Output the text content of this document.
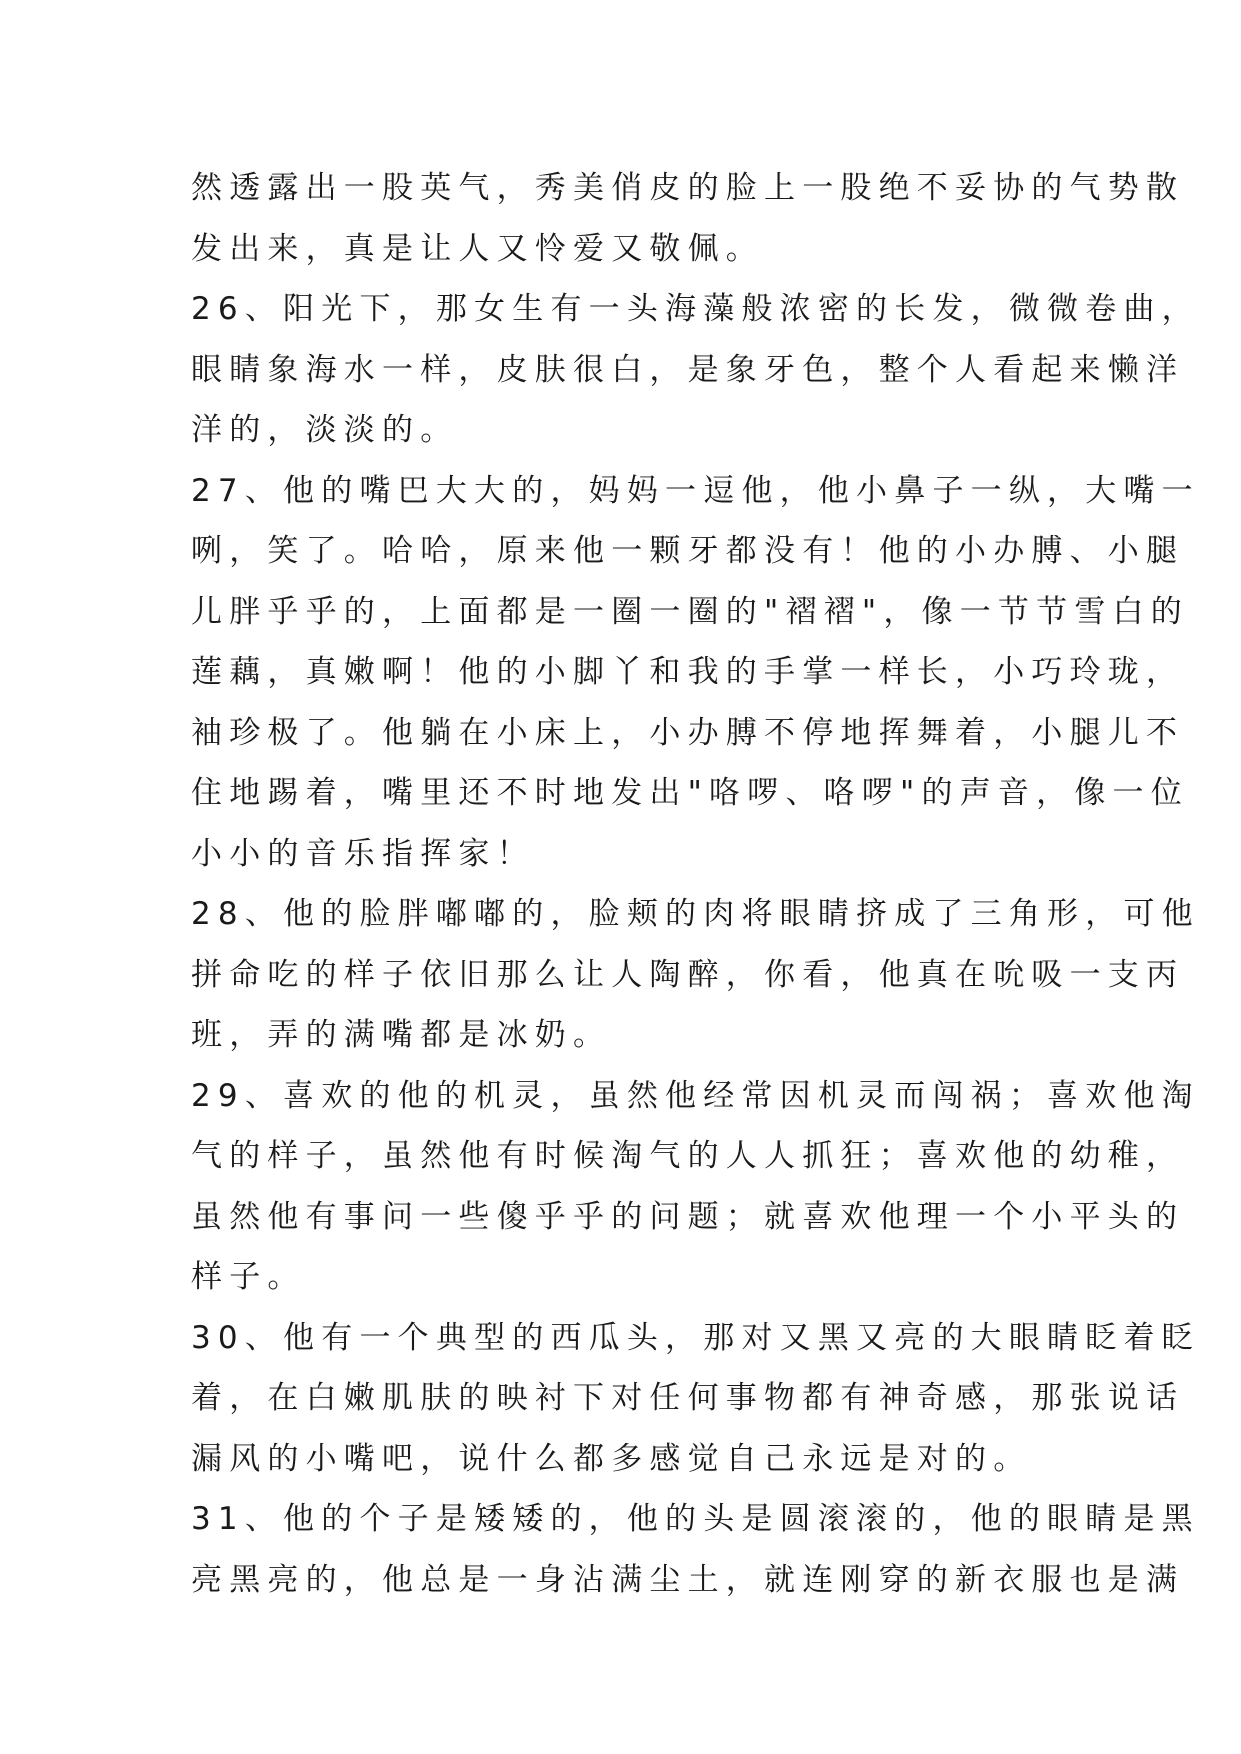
然透露出一股英气，秀美俏皮的脸上一股绝不妥协的气势散
发出来，真是让人又怜爱又敬佩。
26、阳光下，那女生有一头海藻般浓密的长发，微微卷曲，
眼睛象海水一样，皮肤很白，是象牙色，整个人看起来懒洋
洋的，淡淡的。
27、他的嘴巴大大的，妈妈一逗他，他小鼻子一纵，大嘴一
咧，笑了。哈哈，原来他一颗牙都没有！他的小办膊、小腿
儿胖乎乎的，上面都是一圈一圈的"褶褶"，像一节节雪白的
莲藕，真嫩啊！他的小脚丫和我的手掌一样长，小巧玲珑，
袖珍极了。他躺在小床上，小办膊不停地挥舞着，小腿儿不
住地踢着，嘴里还不时地发出"咯啰、咯啰"的声音，像一位
小小的音乐指挥家！
28、他的脸胖嘟嘟的，脸颊的肉将眼睛挤成了三角形，可他
拼命吃的样子依旧那么让人陶醉，你看，他真在吮吸一支丙
班，弄的满嘴都是冰奶。
29、喜欢的他的机灵，虽然他经常因机灵而闯祸；喜欢他淘
气的样子，虽然他有时候淘气的人人抓狂；喜欢他的幼稚，
虽然他有事问一些傻乎乎的问题；就喜欢他理一个小平头的
样子。
30、他有一个典型的西瓜头，那对又黑又亮的大眼睛眨着眨
着，在白嫩肌肤的映衬下对任何事物都有神奇感，那张说话
漏风的小嘴吧，说什么都多感觉自己永远是对的。
31、他的个子是矮矮的，他的头是圆滚滚的，他的眼睛是黑
亮黑亮的，他总是一身沾满尘土，就连刚穿的新衣服也是满
